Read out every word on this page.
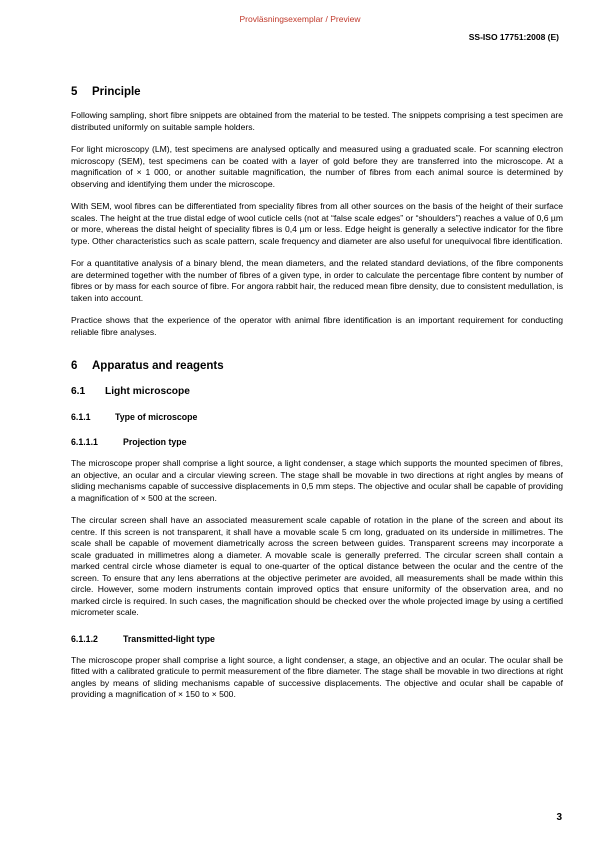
Provläsningsexemplar / Preview
SS-ISO 17751:2008 (E)
5	Principle

Following sampling, short fibre snippets are obtained from the material to be tested. The snippets comprising a test specimen are distributed uniformly on suitable sample holders.

For light microscopy (LM), test specimens are analysed optically and measured using a graduated scale. For scanning electron microscopy (SEM), test specimens can be coated with a layer of gold before they are transferred into the microscope. At a magnification of × 1 000, or another suitable magnification, the number of fibres from each animal source is determined by observing and identifying them under the microscope.

With SEM, wool fibres can be differentiated from speciality fibres from all other sources on the basis of the height of their surface scales. The height at the true distal edge of wool cuticle cells (not at “false scale edges” or “shoulders”) reaches a value of 0,6 µm or more, whereas the distal height of speciality fibres is 0,4 µm or less. Edge height is generally a selective indicator for the fibre type. Other characteristics such as scale pattern, scale frequency and diameter are also useful for unequivocal fibre identification.

For a quantitative analysis of a binary blend, the mean diameters, and the related standard deviations, of the fibre components are determined together with the number of fibres of a given type, in order to calculate the percentage fibre content by number of fibres or by mass for each source of fibre. For angora rabbit hair, the reduced mean fibre density, due to consistent medullation, is taken into account.

Practice shows that the experience of the operator with animal fibre identification is an important requirement for conducting reliable fibre analyses.

6	Apparatus and reagents
6.1	Light microscope
6.1.1	Type of microscope
6.1.1.1	Projection type

The microscope proper shall comprise a light source, a light condenser, a stage which supports the mounted specimen of fibres, an objective, an ocular and a circular viewing screen. The stage shall be movable in two directions at right angles by means of sliding mechanisms capable of successive displacements in 0,5 mm steps. The objective and ocular shall be capable of providing a magnification of × 500 at the screen.

The circular screen shall have an associated measurement scale capable of rotation in the plane of the screen and about its centre. If this screen is not transparent, it shall have a movable scale 5 cm long, graduated on its underside in millimetres. The scale shall be capable of movement diametrically across the screen between guides. Transparent screens may incorporate a scale graduated in millimetres along a diameter. A movable scale is generally preferred. The circular screen shall contain a marked central circle whose diameter is equal to one-quarter of the optical distance between the ocular and the centre of the screen. To ensure that any lens aberrations at the objective perimeter are avoided, all measurements shall be made within this circle. However, some modern instruments contain improved optics that ensure uniformity of the observation area, and no marked circle is required. In such cases, the magnification should be checked over the whole projected image by using a certified micrometer scale.

6.1.1.2	Transmitted-light type

The microscope proper shall comprise a light source, a light condenser, a stage, an objective and an ocular. The ocular shall be fitted with a calibrated graticule to permit measurement of the fibre diameter. The stage shall be movable in two directions at right angles by means of sliding mechanisms capable of successive displacements. The objective and ocular shall be capable of providing a magnification of × 150 to × 500.

3
